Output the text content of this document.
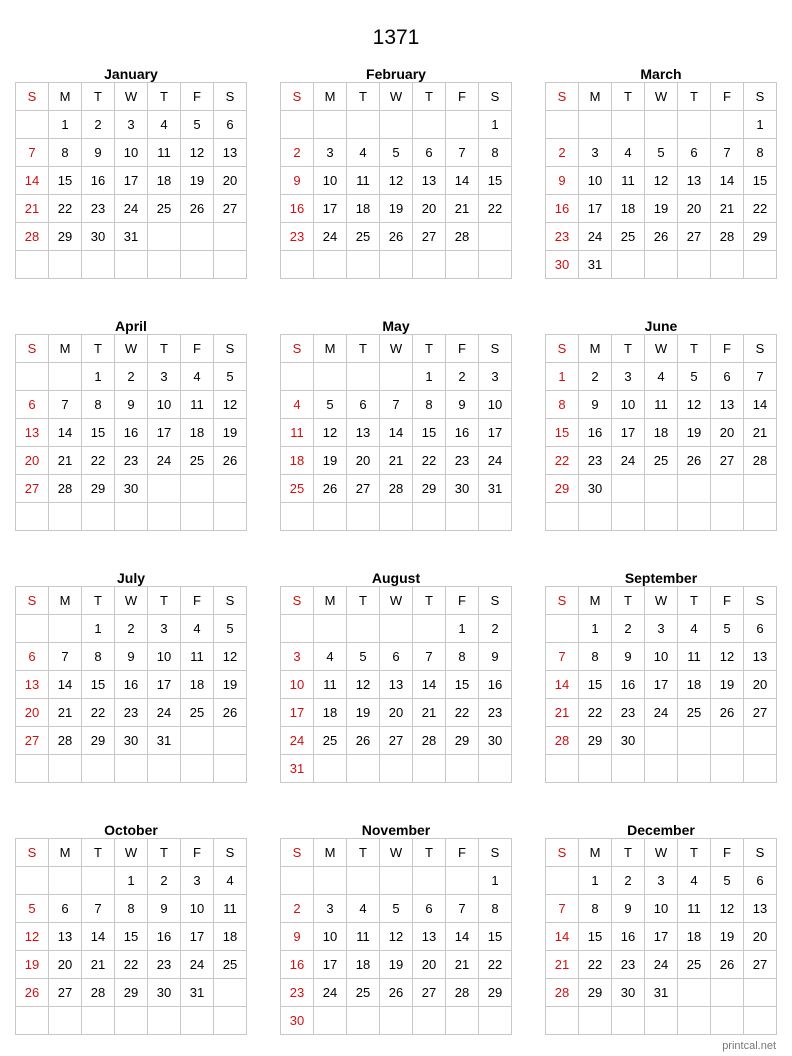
1371
January
S	M	T	W	T	F	S
	1	2	3	4	5	6
7	8	9	10	11	12	13
14	15	16	17	18	19	20
21	22	23	24	25	26	27
28	29	30	31			

February
S	M	T	W	T	F	S
						1
2	3	4	5	6	7	8
9	10	11	12	13	14	15
16	17	18	19	20	21	22
23	24	25	26	27	28	

March
S	M	T	W	T	F	S
						1
2	3	4	5	6	7	8
9	10	11	12	13	14	15
16	17	18	19	20	21	22
23	24	25	26	27	28	29
30	31					
April
S	M	T	W	T	F	S
		1	2	3	4	5
6	7	8	9	10	11	12
13	14	15	16	17	18	19
20	21	22	23	24	25	26
27	28	29	30			

May
S	M	T	W	T	F	S
				1	2	3
4	5	6	7	8	9	10
11	12	13	14	15	16	17
18	19	20	21	22	23	24
25	26	27	28	29	30	31

June
S	M	T	W	T	F	S
1	2	3	4	5	6	7
8	9	10	11	12	13	14
15	16	17	18	19	20	21
22	23	24	25	26	27	28
29	30					

July
S	M	T	W	T	F	S
		1	2	3	4	5
6	7	8	9	10	11	12
13	14	15	16	17	18	19
20	21	22	23	24	25	26
27	28	29	30	31		

August
S	M	T	W	T	F	S
					1	2
3	4	5	6	7	8	9
10	11	12	13	14	15	16
17	18	19	20	21	22	23
24	25	26	27	28	29	30
31						
September
S	M	T	W	T	F	S
	1	2	3	4	5	6
7	8	9	10	11	12	13
14	15	16	17	18	19	20
21	22	23	24	25	26	27
28	29	30				

October
S	M	T	W	T	F	S
			1	2	3	4
5	6	7	8	9	10	11
12	13	14	15	16	17	18
19	20	21	22	23	24	25
26	27	28	29	30	31	

November
S	M	T	W	T	F	S
						1
2	3	4	5	6	7	8
9	10	11	12	13	14	15
16	17	18	19	20	21	22
23	24	25	26	27	28	29
30						
December
S	M	T	W	T	F	S
	1	2	3	4	5	6
7	8	9	10	11	12	13
14	15	16	17	18	19	20
21	22	23	24	25	26	27
28	29	30	31			

printcal.net
